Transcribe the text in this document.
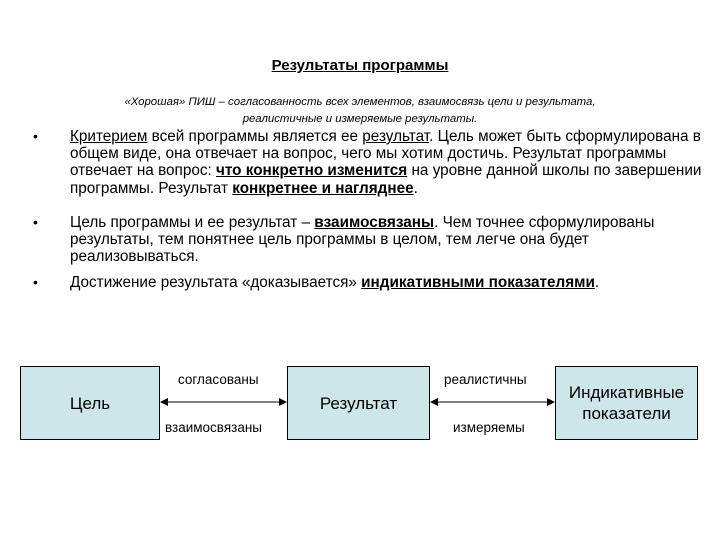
Результаты программы
«Хорошая» ПИШ – согласованность всех элементов, взаимосвязь цели и результата,
реалистичные и измеряемые результаты.
• Критерием всей программы является ее результат. Цель может быть сформулирована в общем виде, она отвечает на вопрос, чего мы хотим достичь. Результат программы отвечает на вопрос: что конкретно изменится на уровне данной школы по завершении программы. Результат конкретнее и нагляднее.
• Цель программы и ее результат – взаимосвязаны. Чем точнее сформулированы результаты, тем понятнее цель программы в целом, тем легче она будет реализовываться.
• Достижение результата «доказывается» индикативными показателями.
Цель	Результат
Индикативные
показатели
согласованы
взаимосвязаны
реалистичны
измеряемы
